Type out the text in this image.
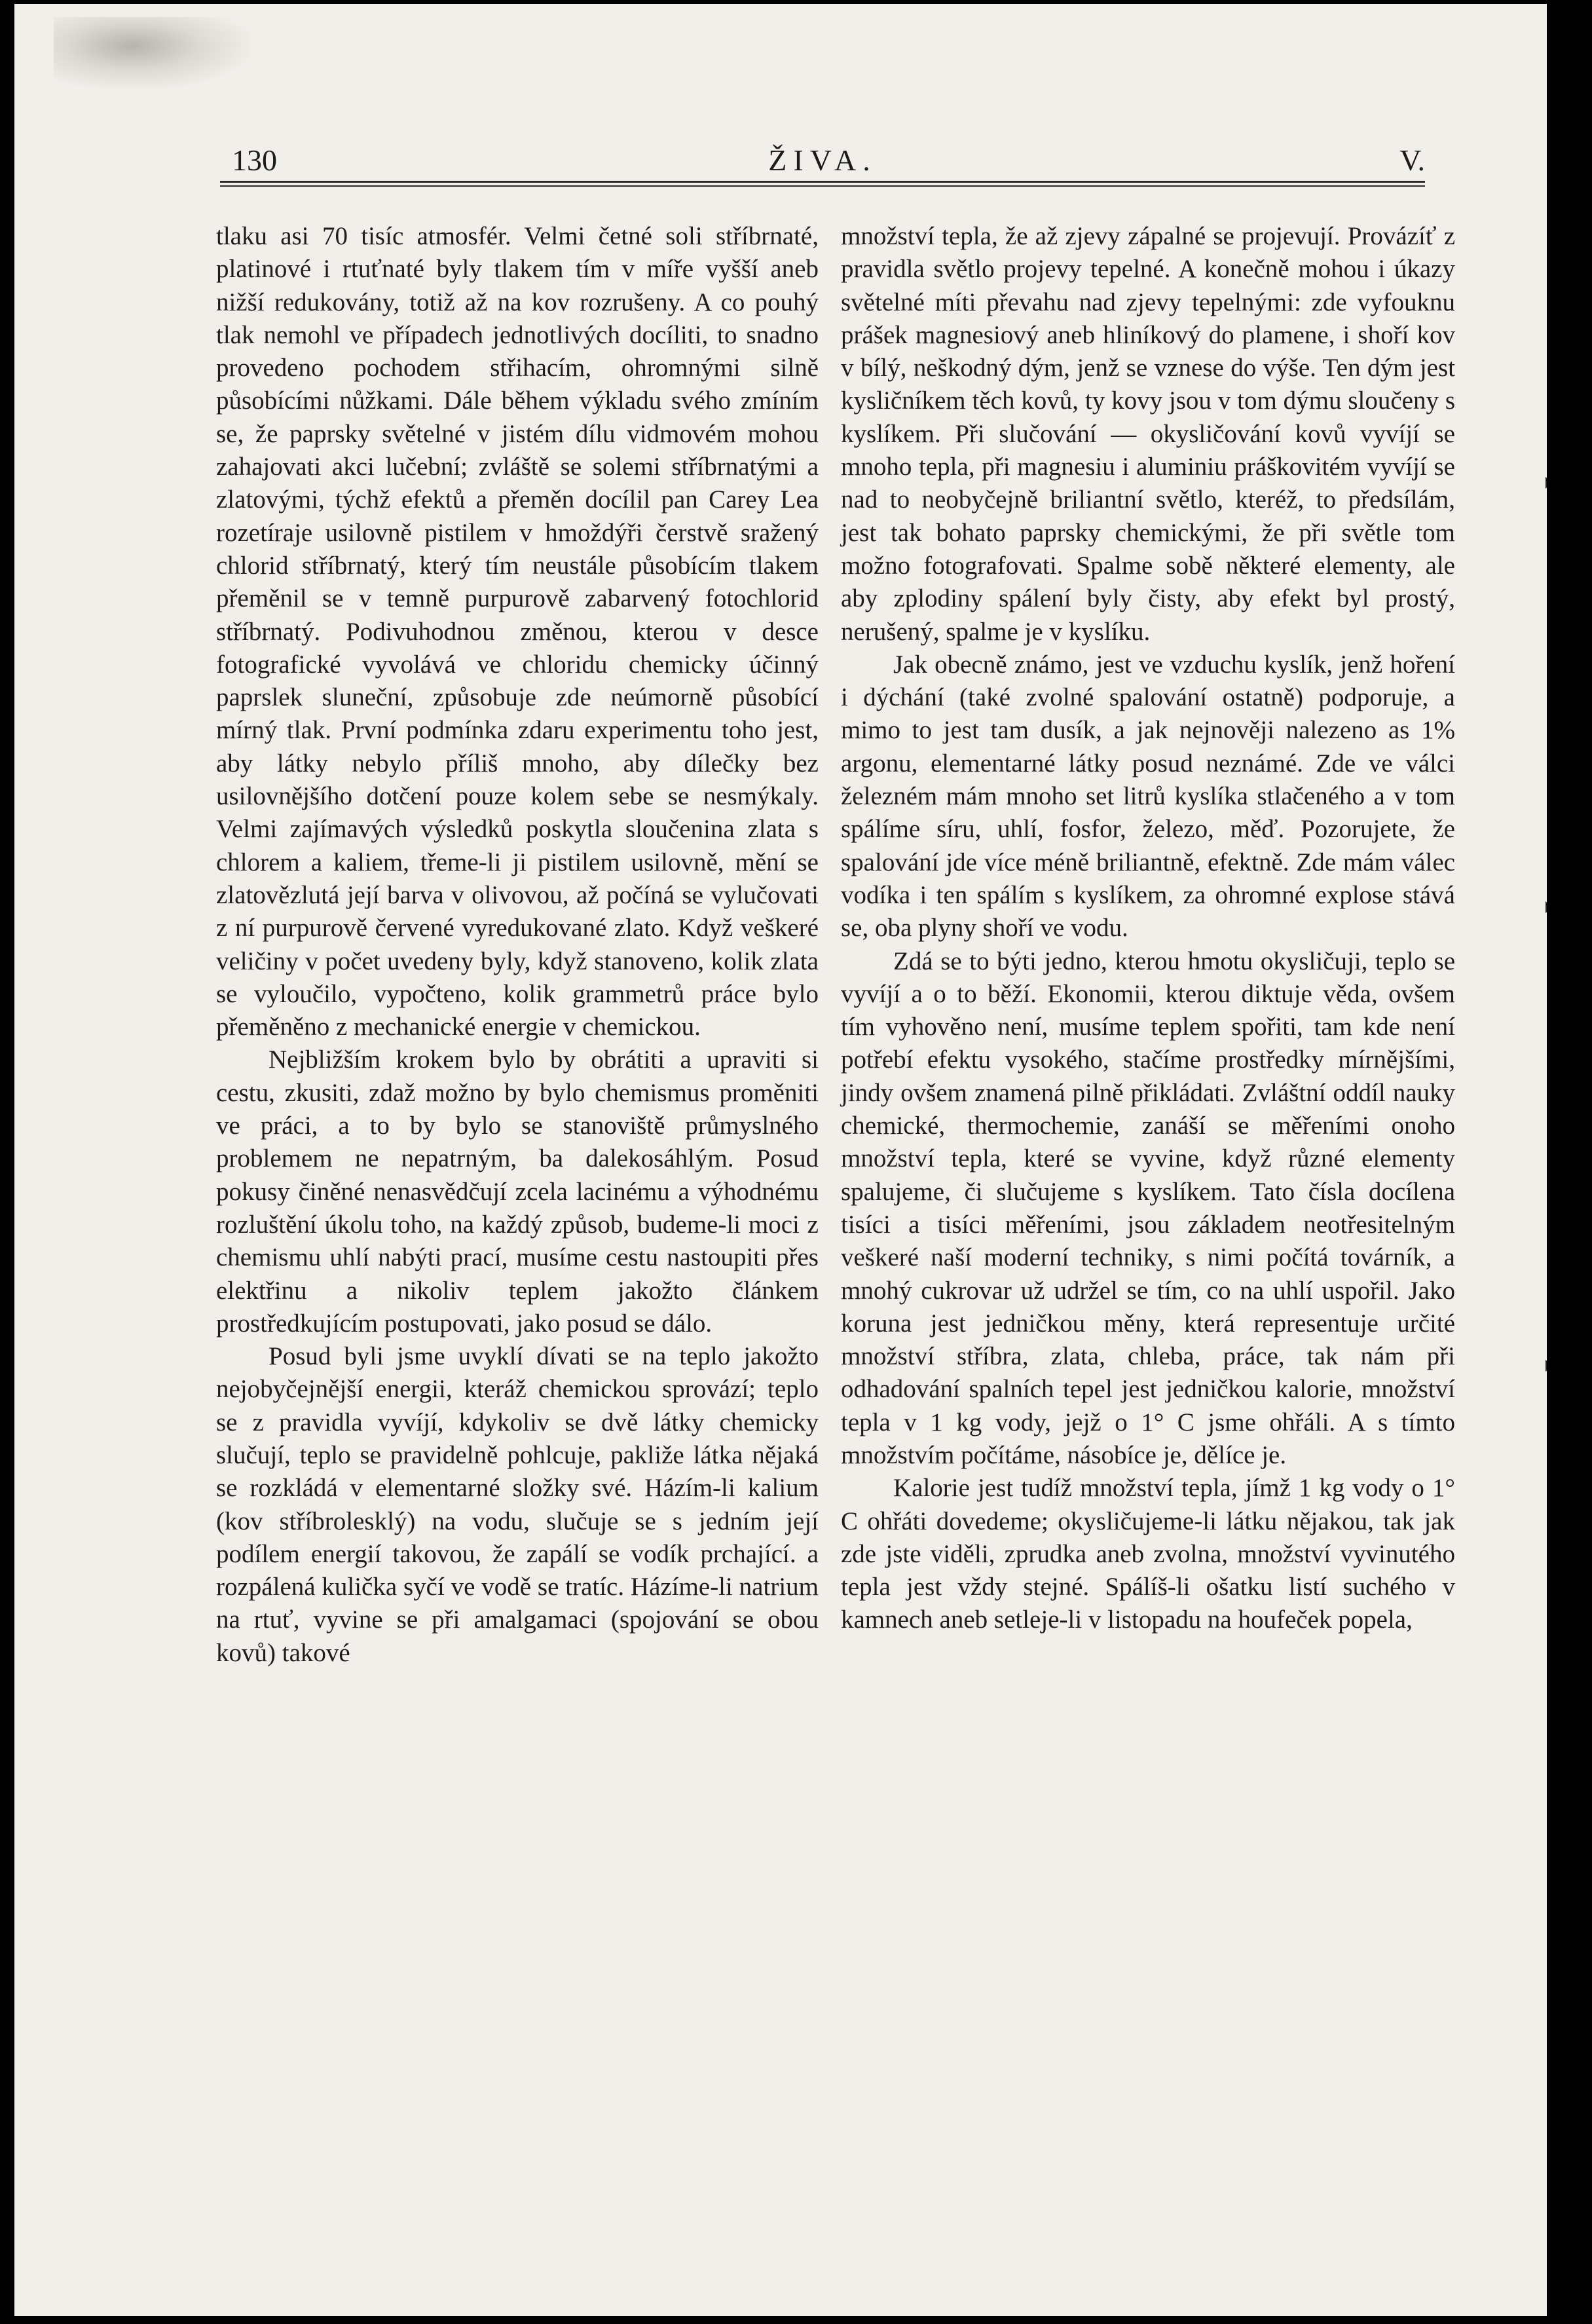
130	ŽIVA.	V.

tlaku asi 70 tisíc atmosfér. Velmi četné soli stříbrnaté, platinové i rtuťnaté byly tlakem tím v míře vyšší aneb nižší redukovány, totiž až na kov rozrušeny. A co pouhý tlak nemohl ve případech jednotlivých docíliti, to snadno provedeno pochodem střihacím, ohromnými silně působícími nůžkami. Dále během výkladu svého zmíním se, že paprsky světelné v jistém dílu vidmovém mohou zahajovati akci lučební; zvláště se solemi stříbrnatými a zlatovými, týchž efektů a přeměn docílil pan Carey Lea rozetíraje usilovně pistilem v hmoždýři čerstvě sražený chlorid stříbrnatý, který tím neustále působícím tlakem přeměnil se v temně purpurově zabarvený fotochlorid stříbrnatý. Podivuhodnou změnou, kterou v desce fotografické vyvolává ve chloridu chemicky účinný paprslek sluneční, způsobuje zde neúmorně působící mírný tlak. První podmínka zdaru experimentu toho jest, aby látky nebylo příliš mnoho, aby dílečky bez usilovnějšího dotčení pouze kolem sebe se nesmýkaly. Velmi zajímavých výsledků poskytla sloučenina zlata s chlorem a kaliem, třeme-li ji pistilem usilovně, mění se zlatovězlutá její barva v olivovou, až počíná se vylučovati z ní purpurově červené vyredukované zlato. Když veškeré veličiny v počet uvedeny byly, když stanoveno, kolik zlata se vyloučilo, vypočteno, kolik grammetrů práce bylo přeměněno z mechanické energie v chemickou.

Nejbližším krokem bylo by obrátiti a upraviti si cestu, zkusiti, zdaž možno by bylo chemismus proměniti ve práci, a to by bylo se stanoviště průmyslného problemem ne nepatrným, ba dalekosáhlým. Posud pokusy činěné nenasvědčují zcela lacinému a výhodnému rozluštění úkolu toho, na každý způsob, budeme-li moci z chemismu uhlí nabýti prací, musíme cestu nastoupiti přes elektřinu a nikoliv teplem jakožto článkem prostředkujícím postupovati, jako posud se dálo.

Posud byli jsme uvyklí dívati se na teplo jakožto nejobyčejnější energii, kteráž chemickou sprovází; teplo se z pravidla vyvíjí, kdykoliv se dvě látky chemicky slučují, teplo se pravidelně pohlcuje, pakliže látka nějaká se rozkládá v elementarné složky své. Házím-li kalium (kov stříbrolesklý) na vodu, slučuje se s jedním její podílem energií takovou, že zapálí se vodík prchající. a rozpálená kulička syčí ve vodě se tratíc. Házíme-li natrium na rtuť, vyvine se při amalgamaci (spojování se obou kovů) takové

množství tepla, že až zjevy zápalné se projevují. Provázíť z pravidla světlo projevy tepelné. A konečně mohou i úkazy světelné míti převahu nad zjevy tepelnými: zde vyfouknu prášek magnesiový aneb hliníkový do plamene, i shoří kov v bílý, neškodný dým, jenž se vznese do výše. Ten dým jest kysličníkem těch kovů, ty kovy jsou v tom dýmu sloučeny s kyslíkem. Při slučování — okysličování kovů vyvíjí se mnoho tepla, při magnesiu i aluminiu práškovitém vyvíjí se nad to neobyčejně briliantní světlo, kteréž, to předsílám, jest tak bohato paprsky chemickými, že při světle tom možno fotografovati. Spalme sobě některé elementy, ale aby zplodiny spálení byly čisty, aby efekt byl prostý, nerušený, spalme je v kyslíku.

Jak obecně známo, jest ve vzduchu kyslík, jenž hoření i dýchání (také zvolné spalování ostatně) podporuje, a mimo to jest tam dusík, a jak nejnověji nalezeno as 1% argonu, elementarné látky posud neznámé. Zde ve válci železném mám mnoho set litrů kyslíka stlačeného a v tom spálíme síru, uhlí, fosfor, železo, měď. Pozorujete, že spalování jde více méně briliantně, efektně. Zde mám válec vodíka i ten spálím s kyslíkem, za ohromné explose stává se, oba plyny shoří ve vodu.

Zdá se to býti jedno, kterou hmotu okysličuji, teplo se vyvíjí a o to běží. Ekonomii, kterou diktuje věda, ovšem tím vyhověno není, musíme teplem spořiti, tam kde není potřebí efektu vysokého, stačíme prostředky mírnějšími, jindy ovšem znamená pilně přikládati. Zvláštní oddíl nauky chemické, thermochemie, zanáší se měřeními onoho množství tepla, které se vyvine, když různé elementy spalujeme, či slučujeme s kyslíkem. Tato čísla docílena tisíci a tisíci měřeními, jsou základem neotřesitelným veškeré naší moderní techniky, s nimi počítá továrník, a mnohý cukrovar už udržel se tím, co na uhlí uspořil. Jako koruna jest jedničkou měny, která representuje určité množství stříbra, zlata, chleba, práce, tak nám při odhadování spalních tepel jest jedničkou kalorie, množství tepla v 1 kg vody, jejž o 1° C jsme ohřáli. A s tímto množstvím počítáme, násobíce je, dělíce je.

Kalorie jest tudíž množství tepla, jímž 1 kg vody o 1° C ohřáti dovedeme; okysličujeme-li látku nějakou, tak jak zde jste viděli, zprudka aneb zvolna, množství vyvinutého tepla jest vždy stejné. Spálíš-li ošatku listí suchého v kamnech aneb setleje-li v listopadu na houfeček popela,
